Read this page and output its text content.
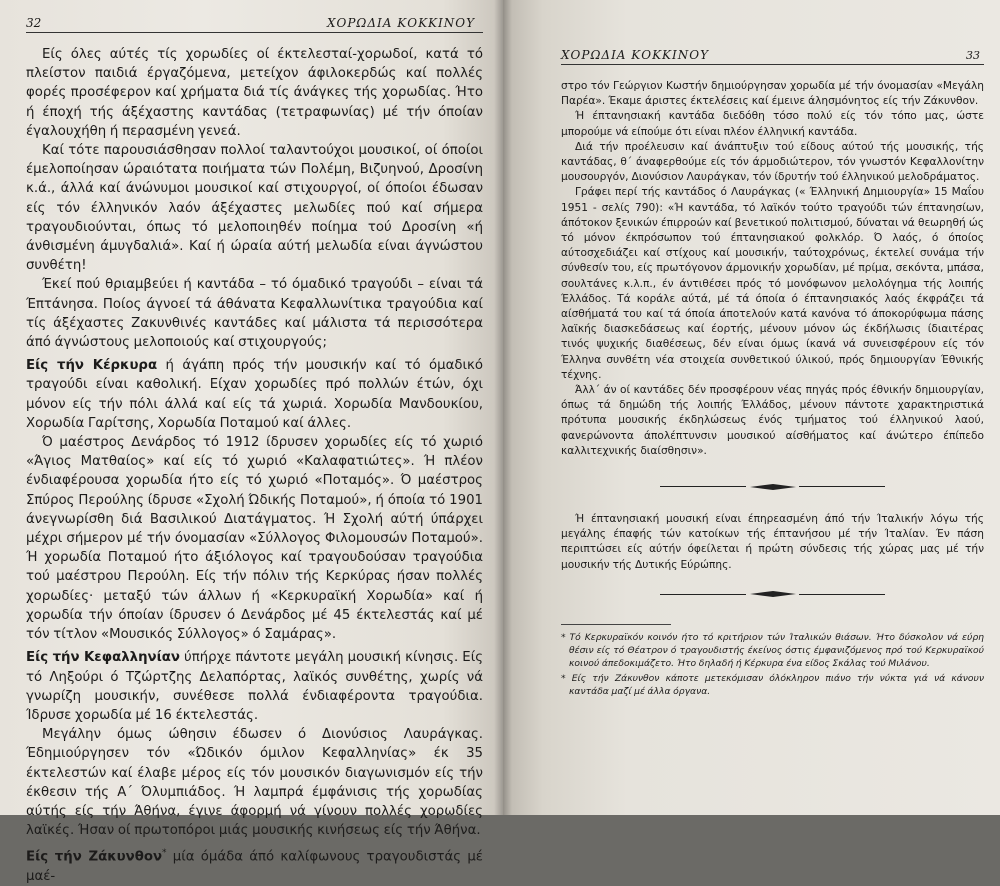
32	ΧΟΡΩΔΙΑ ΚΟΚΚΙΝΟΥ

Είς όλες αύτές τίς χορωδίες οί έκτελεσταί-χορωδοί, κατά τό πλείστον παιδιά έργαζόμενα, μετείχον άφιλοκερδώς καί πολλές φορές προσέφερον καί χρήματα διά τίς άνάγκες τής χορωδίας. Ήτο ή έποχή τής άξέχαστης καντάδας (τετραφωνίας) μέ τήν όποίαν έγαλουχήθη ή περασμένη γενεά.

Καί τότε παρουσιάσθησαν πολλοί ταλαντούχοι μουσικοί, οί όποίοι έμελοποίησαν ώραιότατα ποιήματα τών Πολέμη, Βιζυηνού, Δροσίνη κ.ά., άλλά καί άνώνυμοι μουσικοί καί στιχουργοί, οί όποίοι έδωσαν είς τόν έλληνικόν λαόν άξέχαστες μελωδίες πού καί σήμερα τραγουδιούνται, όπως τό μελοποιηθέν ποίημα τού Δροσίνη «ή άνθισμένη άμυγδαλιά». Καί ή ώραία αύτή μελωδία είναι άγνώστου συνθέτη!

Έκεί πού θριαμβεύει ή καντάδα – τό όμαδικό τραγούδι – είναι τά Έπτάνησα. Ποίος άγνοεί τά άθάνατα Κεφαλλωνίτικα τραγούδια καί τίς άξέχαστες Ζακυνθινές καντάδες καί μάλιστα τά περισσότερα άπό άγνώστους μελοποιούς καί στιχουργούς;

Είς τήν Κέρκυρα ή άγάπη πρός τήν μουσικήν καί τό όμαδικό τραγούδι είναι καθολική. Είχαν χορωδίες πρό πολλών έτών, όχι μόνον είς τήν πόλι άλλά καί είς τά χωριά. Χορωδία Μανδουκίου, Χορωδία Γαρίτσης, Χορωδία Ποταμού καί άλλες.

Ό μαέστρος Δενάρδος τό 1912 ίδρυσεν χορωδίες είς τό χωριό «Άγιος Ματθαίος» καί είς τό χωριό «Καλαφατιώτες». Ή πλέον ένδιαφέρουσα χορωδία ήτο είς τό χωριό «Ποταμός». Ό μαέστρος Σπύρος Περούλης ίδρυσε «Σχολή Ώδικής Ποταμού», ή όποία τό 1901 άνεγνωρίσθη διά Βασιλικού Διατάγματος. Ή Σχολή αύτή ύπάρχει μέχρι σήμερον μέ τήν όνομασίαν «Σύλλογος Φιλομουσών Ποταμού». Ή χορωδία Ποταμού ήτο άξιόλογος καί τραγουδούσαν τραγούδια τού μαέστρου Περούλη. Είς τήν πόλιν τής Κερκύρας ήσαν πολλές χορωδίες· μεταξύ τών άλλων ή «Κερκυραϊκή Χορωδία» καί ή χορωδία τήν όποίαν ίδρυσεν ό Δενάρδος μέ 45 έκτελεστάς καί μέ τόν τίτλον «Μουσικός Σύλλογος» ό Σαμάρας».

Είς τήν Κεφαλληνίαν ύπήρχε πάντοτε μεγάλη μουσική κίνησις. Είς τό Ληξούρι ό Τζώρτζης Δελαπόρτας, λαϊκός συνθέτης, χωρίς νά γνωρίζη μουσικήν, συνέθεσε πολλά ένδιαφέροντα τραγούδια. Ίδρυσε χορωδία μέ 16 έκτελεστάς.

Μεγάλην όμως ώθησιν έδωσεν ό Διονύσιος Λαυράγκας. Έδημιούργησεν τόν «Ώδικόν όμιλον Κεφαλληνίας» έκ 35 έκτελεστών καί έλαβε μέρος είς τόν μουσικόν διαγωνισμόν είς τήν έκθεσιν τής Α΄ Όλυμπιάδος. Ή λαμπρά έμφάνισις τής χορωδίας αύτής είς τήν Άθήνα, έγινε άφορμή νά γίνουν πολλές χορωδίες λαϊκές. Ήσαν οί πρωτοπόροι μιάς μουσικής κινήσεως είς τήν Άθήνα.

Είς τήν Ζάκυνθον* μία όμάδα άπό καλίφωνους τραγουδιστάς μέ μαέ-

ΧΟΡΩΔΙΑ ΚΟΚΚΙΝΟΥ	33

στρο τόν Γεώργιον Κωστήν δημιούργησαν χορωδία μέ τήν όνομασίαν «Μεγάλη Παρέα». Έκαμε άριστες έκτελέσεις καί έμεινε άλησμόνητος είς τήν Ζάκυνθον.

Ή έπτανησιακή καντάδα διεδόθη τόσο πολύ είς τόν τόπο μας, ώστε μπορούμε νά είπούμε ότι είναι πλέον έλληνική καντάδα.

Διά τήν προέλευσιν καί άνάπτυξιν τού είδους αύτού τής μουσικής, τής καντάδας, θ΄ άναφερθούμε είς τόν άρμοδιώτερον, τόν γνωστόν Κεφαλλονίτην μουσουργόν, Διονύσιον Λαυράγκαν, τόν ίδρυτήν τού έλληνικού μελοδράματος.

Γράφει περί τής καντάδος ό Λαυράγκας (« Έλληνική Δημιουργία» 15 Μαΐου 1951 - σελίς 790): «Ή καντάδα, τό λαϊκόν τούτο τραγούδι τών έπτανησίων, άπότοκον ξενικών έπιρροών καί βενετικού πολιτισμού, δύναται νά θεωρηθή ώς τό μόνον έκπρόσωπον τού έπτανησιακού φολκλόρ. Ό λαός, ό όποίος αύτοσχεδιάζει καί στίχους καί μουσικήν, ταύτοχρόνως, έκτελεί συνάμα τήν σύνθεσίν του, είς πρωτόγονον άρμονικήν χορωδίαν, μέ πρίμα, σεκόντα, μπάσα, σουλτάνες κ.λ.π., έν άντιθέσει πρός τό μονόφωνον μελολόγημα τής λοιπής Έλλάδος. Τά κοράλε αύτά, μέ τά όποία ό έπτανησιακός λαός έκφράζει τά αίσθήματά του καί τά όποία άποτελούν κατά κανόνα τό άποκορύφωμα πάσης λαϊκής διασκεδάσεως καί έορτής, μένουν μόνον ώς έκδήλωσις ίδιαιτέρας τινός ψυχικής διαθέσεως, δέν είναι όμως ίκανά νά συνεισφέρουν είς τόν Έλληνα συνθέτη νέα στοιχεία συνθετικού ύλικού, πρός δημιουργίαν Έθνικής τέχνης.

Άλλ΄ άν οί καντάδες δέν προσφέρουν νέας πηγάς πρός έθνικήν δημιουργίαν, όπως τά δημώδη τής λοιπής Έλλάδος, μένουν πάντοτε χαρακτηριστικά πρότυπα μουσικής έκδηλώσεως ένός τμήματος τού έλληνικού λαού, φανερώνοντα άπολέπτυνσιν μουσικού αίσθήματος καί άνώτερο έπίπεδο καλλιτεχνικής διαίσθησιν».

Ή έπτανησιακή μουσική είναι έπηρεασμένη άπό τήν Ίταλικήν λόγω τής μεγάλης έπαφής τών κατοίκων τής έπτανήσου μέ τήν Ίταλίαν. Έν πάση περιπτώσει είς αύτήν όφείλεται ή πρώτη σύνδεσις τής χώρας μας μέ τήν μουσικήν τής Δυτικής Εύρώπης.

* Τό Κερκυραϊκόν κοινόν ήτο τό κριτήριον τών Ίταλικών θιάσων. Ήτο δύσκολον νά εύρη θέσιν είς τό Θέατρον ό τραγουδιστής έκείνος όστις έμφανιζόμενος πρό τού Κερκυραϊκού κοινού άπεδοκιμάζετο. Ήτο δηλαδή ή Κέρκυρα ένα είδος Σκάλας τού Μιλάνου.

* Είς τήν Ζάκυνθον κάποτε μετεκόμισαν όλόκληρον πιάνο τήν νύκτα γιά νά κάνουν καντάδα μαζί μέ άλλα όργανα.
